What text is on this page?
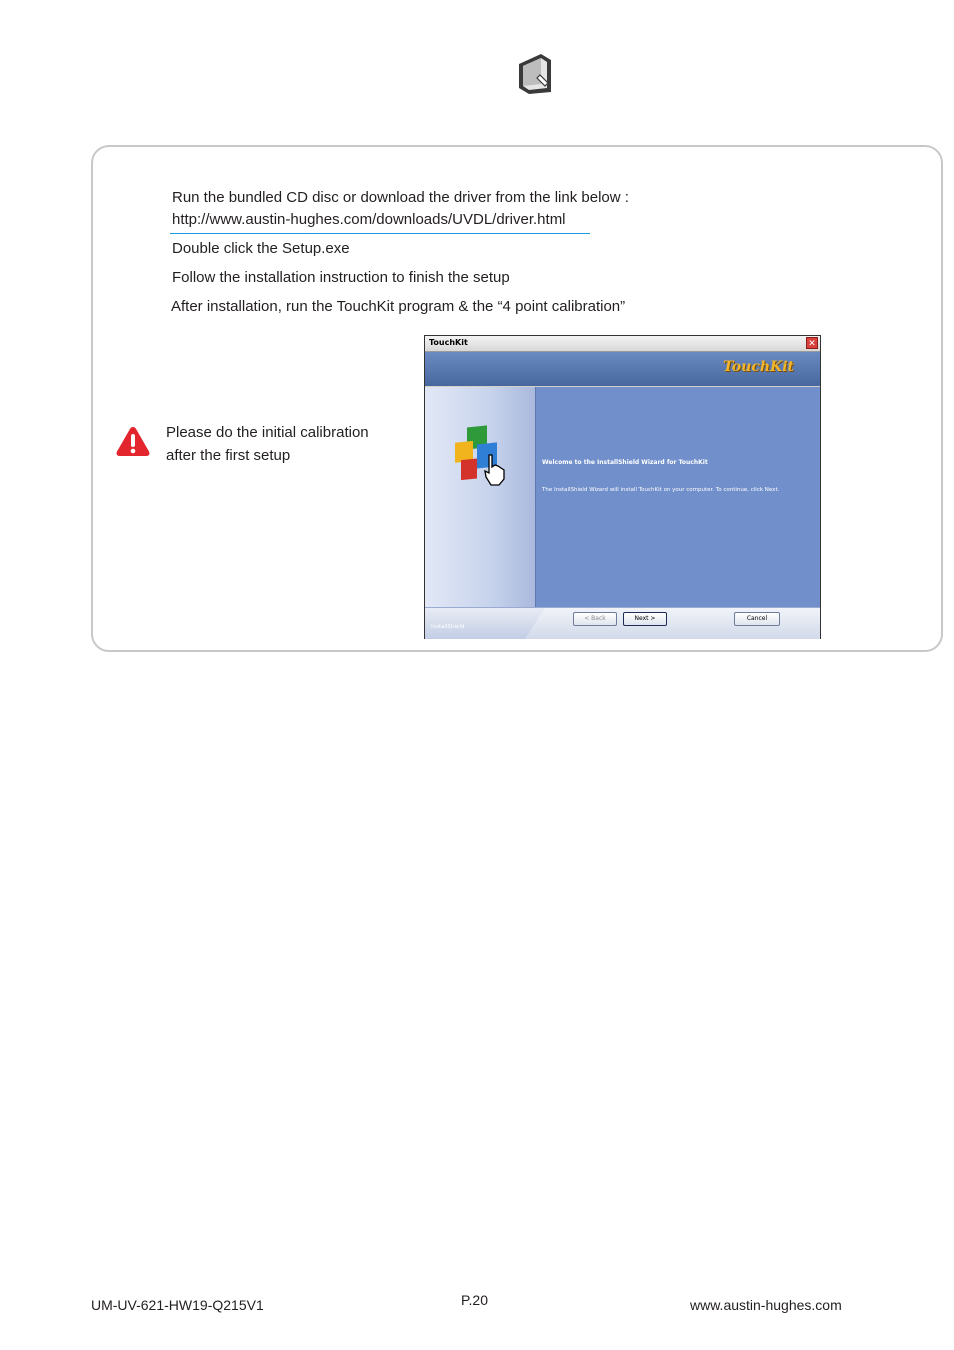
Run the bundled CD disc or download the driver from the link below :
http://www.austin-hughes.com/downloads/UVDL/driver.html
Double click the Setup.exe
Follow the installation instruction to finish the setup
After installation, run the TouchKit program & the “4 point calibration”
Please do the initial calibration
after the first setup
TouchKit	✕
TouchKit
Welcome to the InstallShield Wizard for TouchKit
The InstallShield Wizard will install TouchKit on your computer. To continue, click Next.
InstallShield
< Back	Next >	Cancel
UM-UV-621-HW19-Q215V1	P.20	www.austin-hughes.com
